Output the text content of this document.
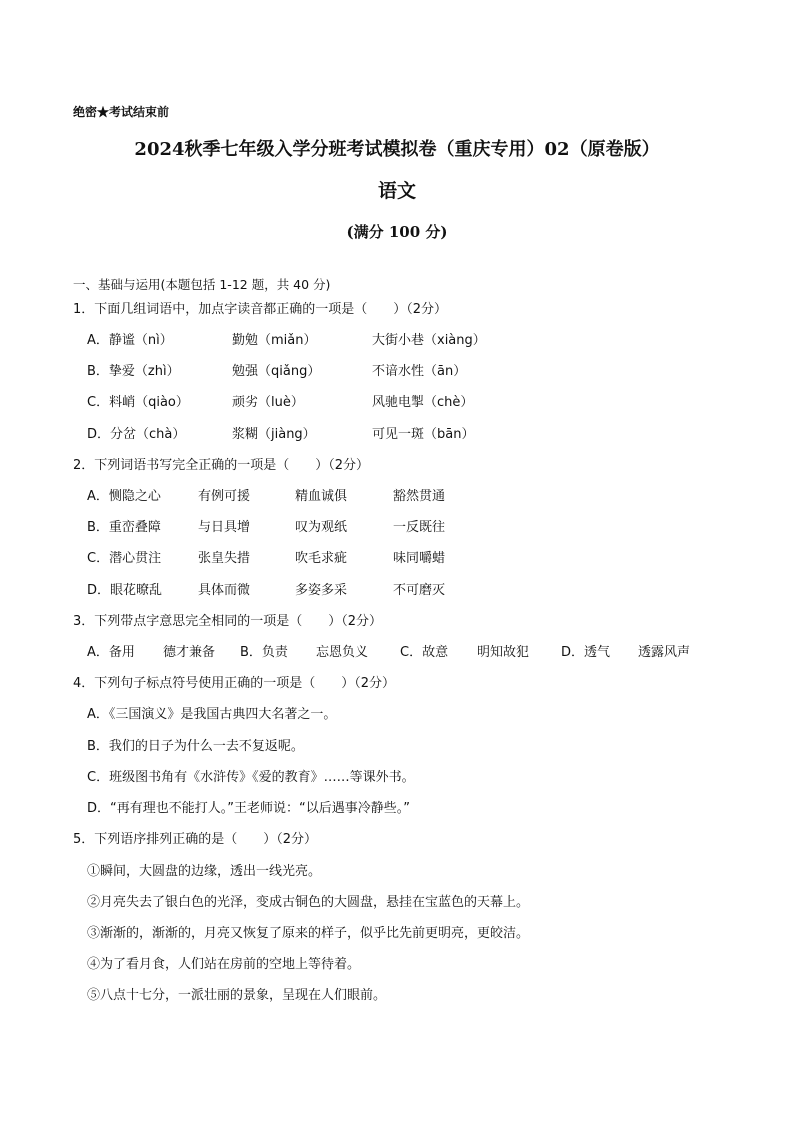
绝密★考试结束前
2024秋季七年级入学分班考试模拟卷（重庆专用）02（原卷版）
语文
(满分 100 分)
一、基础与运用(本题包括 1-12 题，共 40 分)
1．下面几组词语中，加点字读音都正确的一项是（　　）（2分）
A．静谧（nì）	勤勉（miǎn）	大街小巷（xiàng）
B．挚爱（zhì）	勉强（qiǎng）	不谙水性（ān）
C．料峭（qiào）	顽劣（luè）	风驰电掣（chè）
D．分岔（chà）	浆糊（jiàng）	可见一斑（bān）
2．下列词语书写完全正确的一项是（　　）（2分）
A．恻隐之心	有例可援	精血诚俱	豁然贯通
B．重峦叠障	与日具增	叹为观纸	一反既往
C．潜心贯注	张皇失措	吹毛求疵	味同嚼蜡
D．眼花暸乱	具体而微	多姿多采	不可磨灭
3．下列带点字意思完全相同的一项是（　　）（2分）
A．备用 德才兼备 B．负责 忘恩负义 C．故意 明知故犯 D．透气 透露风声
4．下列句子标点符号使用正确的一项是（　　）（2分）
A．《三国演义》是我国古典四大名著之一。
B．我们的日子为什么一去不复返呢。
C．班级图书角有《水浒传》《爱的教育》……等课外书。
D．“再有理也不能打人。”王老师说：“以后遇事冷静些。”
5．下列语序排列正确的是（　　）（2分）
①瞬间，大圆盘的边缘，透出一线光亮。
②月亮失去了银白色的光泽，变成古铜色的大圆盘，悬挂在宝蓝色的天幕上。
③渐渐的，渐渐的，月亮又恢复了原来的样子，似乎比先前更明亮，更皎洁。
④为了看月食，人们站在房前的空地上等待着。
⑤八点十七分，一派壮丽的景象，呈现在人们眼前。
